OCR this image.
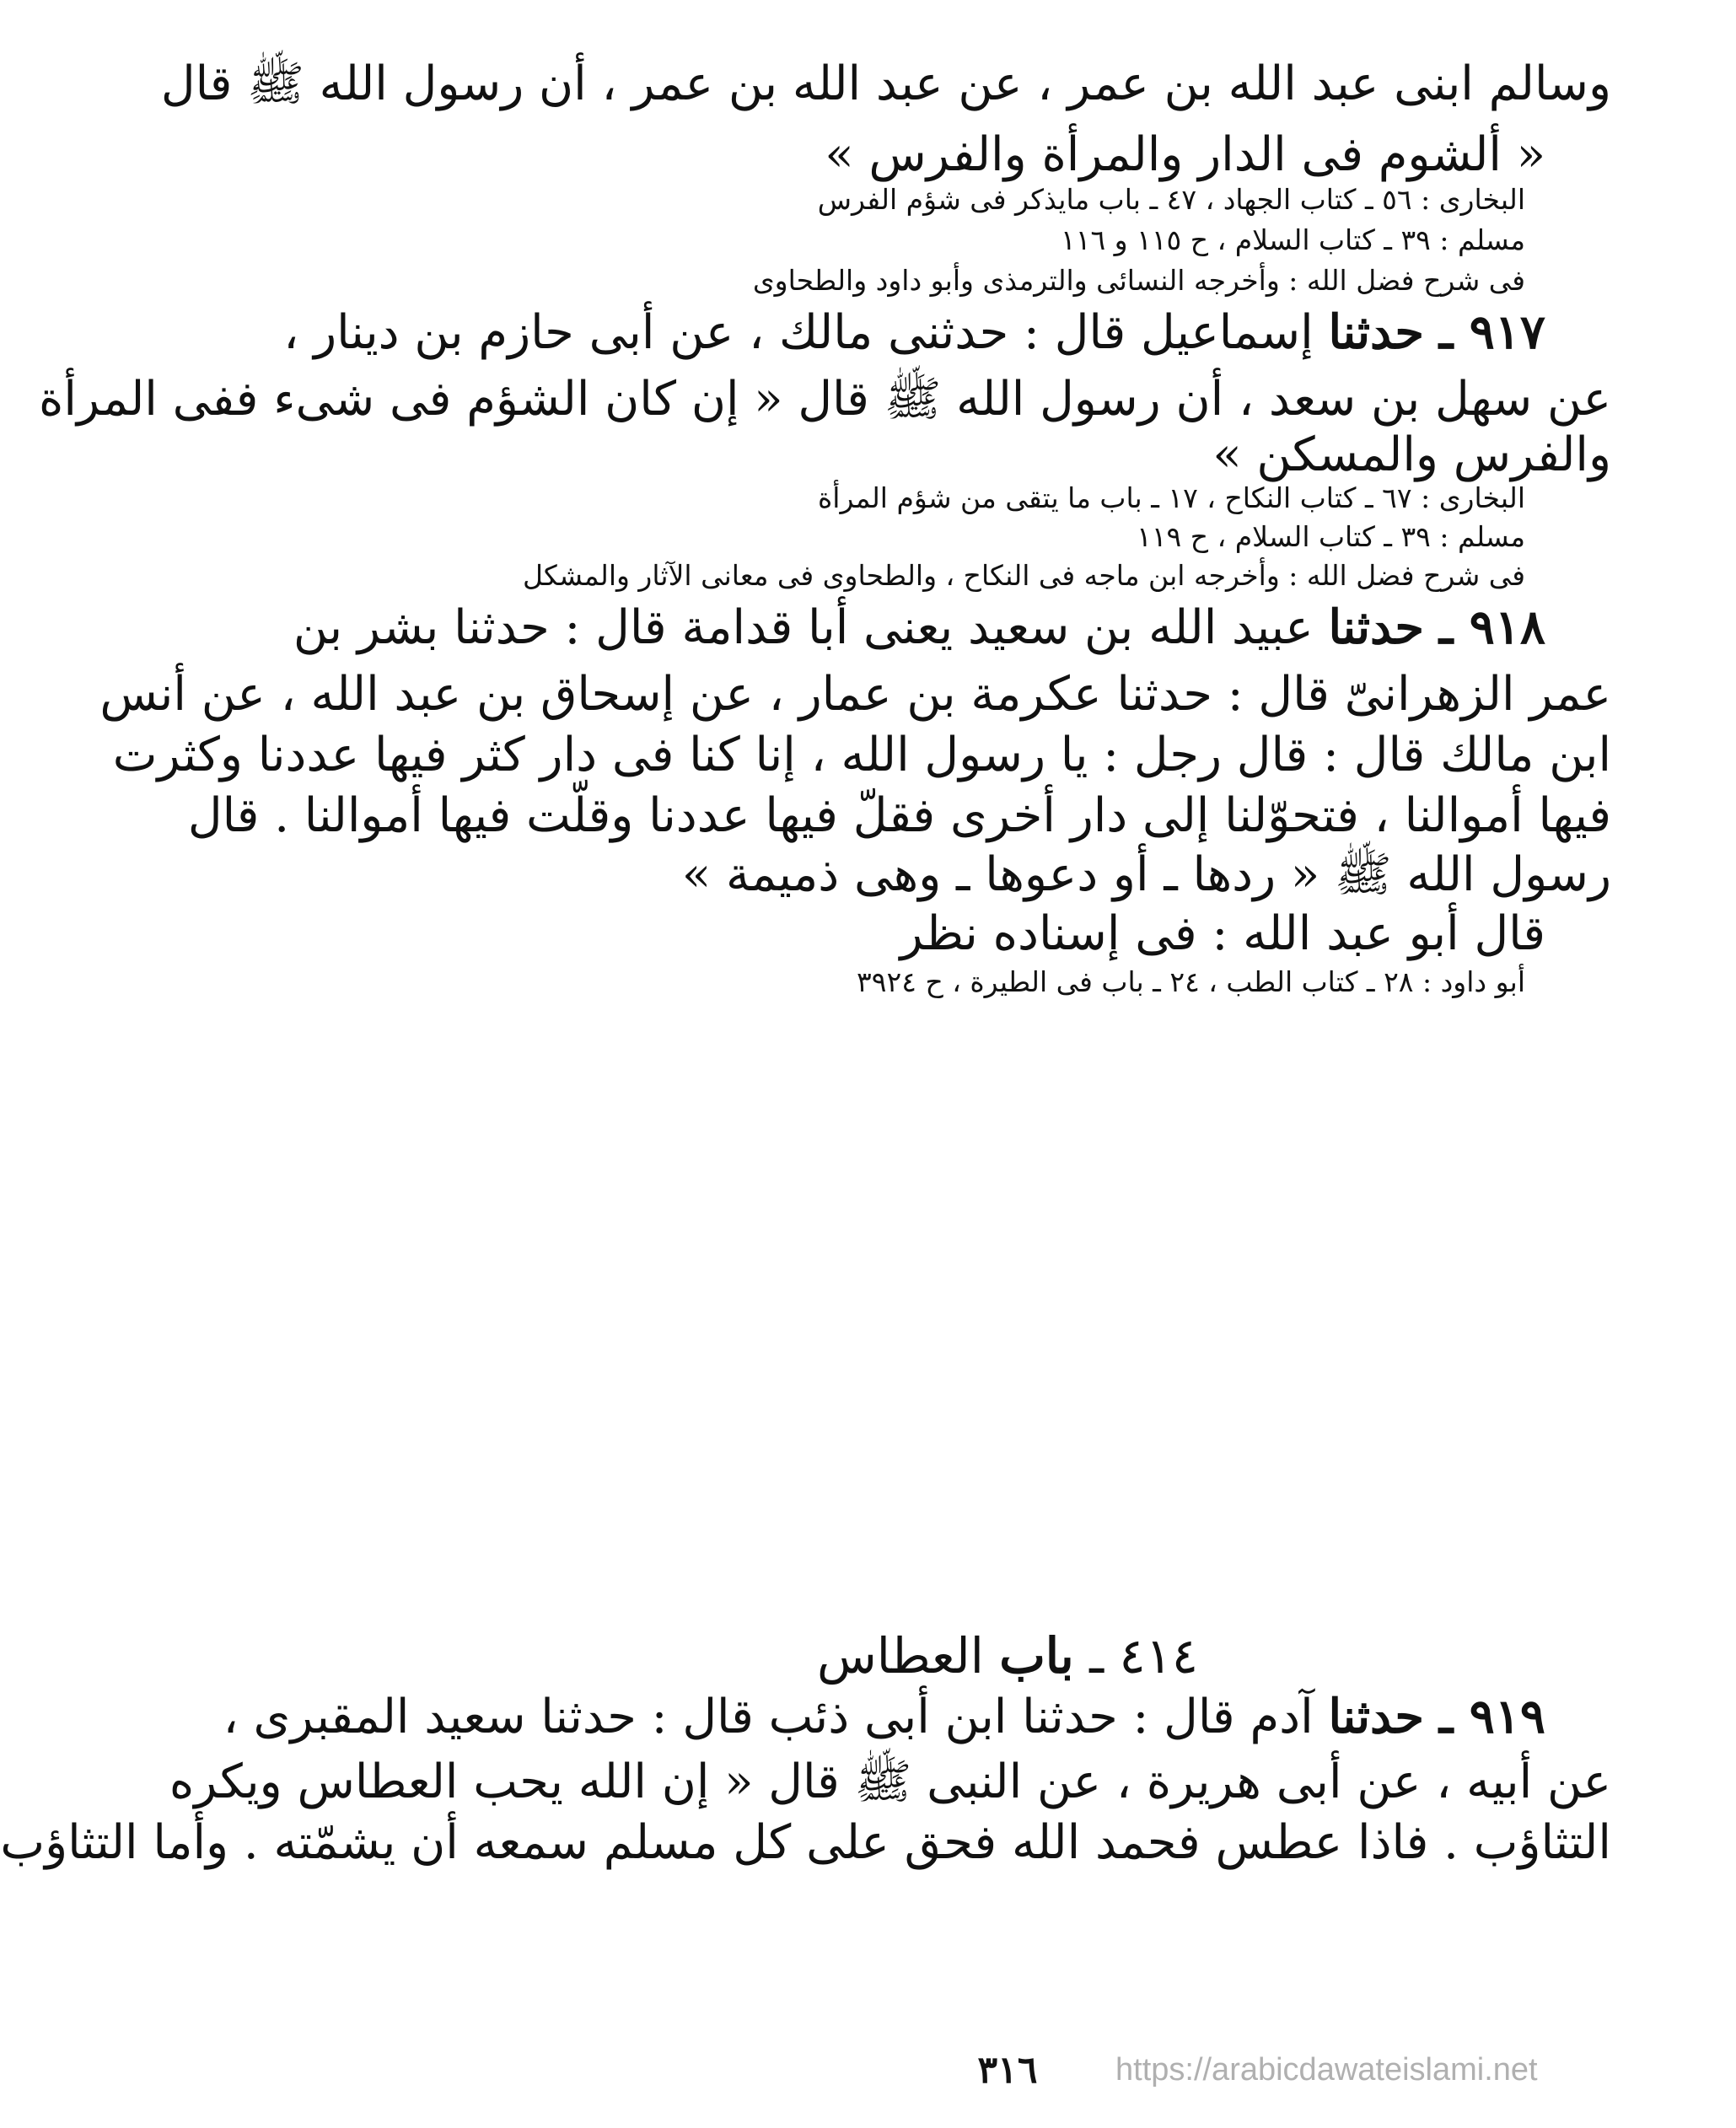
وسالم ابنى عبد الله بن عمر ، عن عبد الله بن عمر ، أن رسول الله ﷺ قال
« ألشوم فى الدار والمرأة والفرس »
البخارى : ٥٦ ـ كتاب الجهاد ، ٤٧ ـ باب مايذكر فى شؤم الفرس
مسلم : ٣٩ ـ كتاب السلام ، ح ١١٥ و ١١٦
فى شرح فضل الله : وأخرجه النسائى والترمذى وأبو داود والطحاوى
٩١٧ ـ حدثنا إسماعيل قال : حدثنى مالك ، عن أبى حازم بن دينار ،
عن سهل بن سعد ، أن رسول الله ﷺ قال « إن كان الشؤم فى شىء ففى المرأة
والفرس والمسكن »
البخارى : ٦٧ ـ كتاب النكاح ، ١٧ ـ باب ما يتقى من شؤم المرأة
مسلم : ٣٩ ـ كتاب السلام ، ح ١١٩
فى شرح فضل الله : وأخرجه ابن ماجه فى النكاح ، والطحاوى فى معانى الآثار والمشكل
٩١٨ ـ حدثنا عبيد الله بن سعيد يعنى أبا قدامة قال : حدثنا بشر بن
عمر الزهرانىّ قال : حدثنا عكرمة بن عمار ، عن إسحاق بن عبد الله ، عن أنس
ابن مالك قال : قال رجل : يا رسول الله ، إنا كنا فى دار كثر فيها عددنا وكثرت
فيها أموالنا ، فتحوّلنا إلى دار أخرى فقلّ فيها عددنا وقلّت فيها أموالنا . قال
رسول الله ﷺ « ردها ـ أو دعوها ـ وهى ذميمة »
قال أبو عبد الله : فى إسناده نظر
أبو داود : ٢٨ ـ كتاب الطب ، ٢٤ ـ باب فى الطيرة ، ح ٣٩٢٤
٤١٤ ـ باب العطاس
٩١٩ ـ حدثنا آدم قال : حدثنا ابن أبى ذئب قال : حدثنا سعيد المقبرى ،
عن أبيه ، عن أبى هريرة ، عن النبى ﷺ قال « إن الله يحب العطاس ويكره
التثاؤب . فاذا عطس فحمد الله فحق على كل مسلم سمعه أن يشمّته . وأما التثاؤب
٣١٦	https://arabicdawateislami.net
